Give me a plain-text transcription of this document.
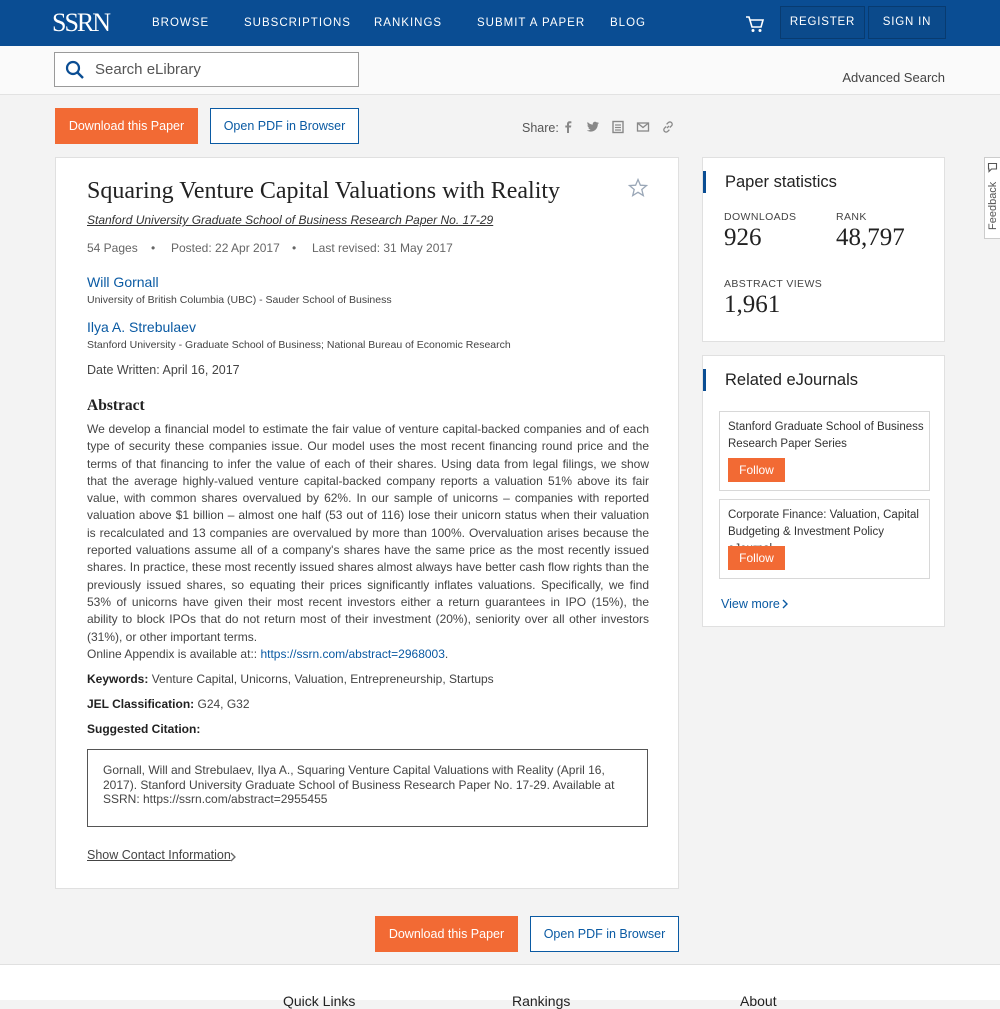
SSRN	BROWSE	SUBSCRIPTIONS RANKINGS	SUBMIT A PAPER BLOG	REGISTER	SIGN IN
Search eLibrary
Advanced Search
Download this Paper	Open PDF in Browser	Share:
Squaring Venture Capital Valuations with Reality
Stanford University Graduate School of Business Research Paper No. 17-29
54 Pages • Posted: 22 Apr 2017 • Last revised: 31 May 2017
Will Gornall
University of British Columbia (UBC) - Sauder School of Business
Ilya A. Strebulaev
Stanford University - Graduate School of Business; National Bureau of Economic Research
Date Written: April 16, 2017
Abstract
We develop a financial model to estimate the fair value of venture capital-backed companies and of each type of security these companies issue. Our model uses the most recent financing round price and the terms of that financing to infer the value of each of their shares. Using data from legal filings, we show that the average highly-valued venture capital-backed company reports a valuation 51% above its fair value, with common shares overvalued by 62%. In our sample of unicorns – companies with reported valuation above $1 billion – almost one half (53 out of 116) lose their unicorn status when their valuation is recalculated and 13 companies are overvalued by more than 100%. Overvaluation arises because the reported valuations assume all of a company's shares have the same price as the most recently issued shares. In practice, these most recently issued shares almost always have better cash flow rights than the previously issued shares, so equating their prices significantly inflates valuations. Specifically, we find 53% of unicorns have given their most recent investors either a return guarantees in IPO (15%), the ability to block IPOs that do not return most of their investment (20%), seniority over all other investors (31%), or other important terms.
Online Appendix is available at:: https://ssrn.com/abstract=2968003.
Keywords: Venture Capital, Unicorns, Valuation, Entrepreneurship, Startups
JEL Classification: G24, G32
Suggested Citation:
Gornall, Will and Strebulaev, Ilya A., Squaring Venture Capital Valuations with Reality (April 16, 2017). Stanford University Graduate School of Business Research Paper No. 17-29. Available at SSRN: https://ssrn.com/abstract=2955455
Show Contact Information
Paper statistics
DOWNLOADS
926
RANK
48,797
ABSTRACT VIEWS
1,961
Related eJournals
Stanford Graduate School of Business Research Paper Series
Follow
Corporate Finance: Valuation, Capital Budgeting & Investment Policy
Follow
View more
Feedback
Download this Paper	Open PDF in Browser
Quick Links	Rankings	About
